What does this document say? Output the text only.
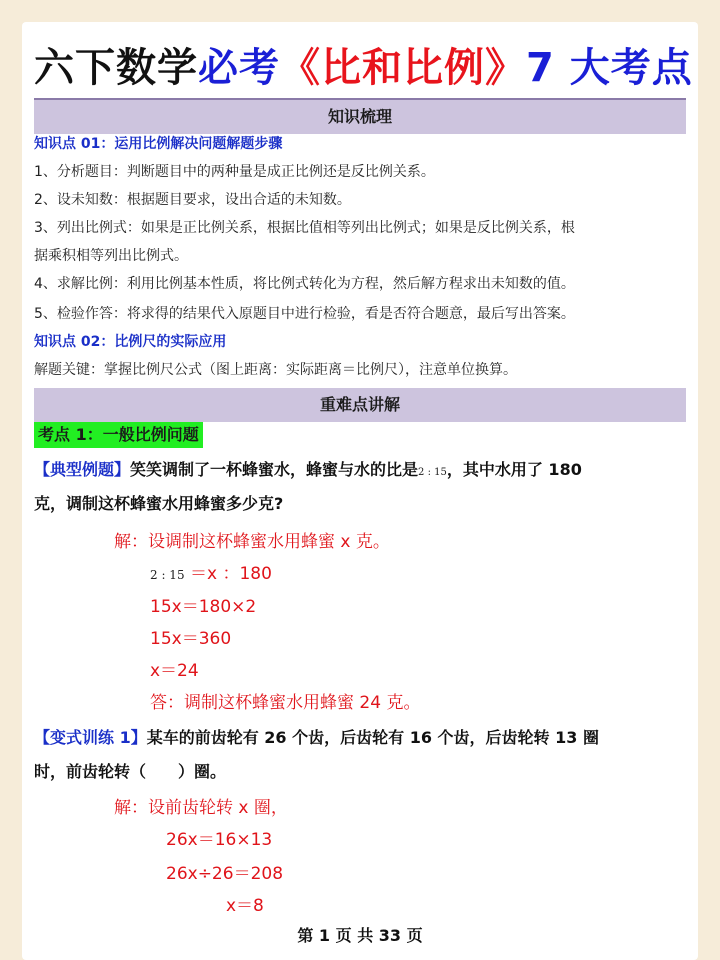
六下数学必考《比和比例》7 大考点
知识梳理
知识点 01：运用比例解决问题解题步骤
1、分析题目：判断题目中的两种量是成正比例还是反比例关系。
2、设未知数：根据题目要求，设出合适的未知数。
3、列出比例式：如果是正比例关系，根据比值相等列出比例式；如果是反比例关系，根
据乘积相等列出比例式。
4、求解比例：利用比例基本性质，将比例式转化为方程，然后解方程求出未知数的值。
5、检验作答：将求得的结果代入原题目中进行检验，看是否符合题意，最后写出答案。
知识点 02：比例尺的实际应用
解题关键：掌握比例尺公式（图上距离：实际距离＝比例尺），注意单位换算。
重难点讲解
考点 1：一般比例问题
【典型例题】笑笑调制了一杯蜂蜜水，蜂蜜与水的比是2 : 15，其中水用了 180
克，调制这杯蜂蜜水用蜂蜜多少克?
解：设调制这杯蜂蜜水用蜂蜜 x 克。
2 : 15 ＝x ：180
15x＝180×2
15x＝360
x＝24
答：调制这杯蜂蜜水用蜂蜜 24 克。
【变式训练 1】某车的前齿轮有 26 个齿，后齿轮有 16 个齿，后齿轮转 13 圈
时，前齿轮转（　　）圈。
解：设前齿轮转 x 圈，
26x＝16×13
26x÷26＝208
x＝8
第 1 页 共 33 页
